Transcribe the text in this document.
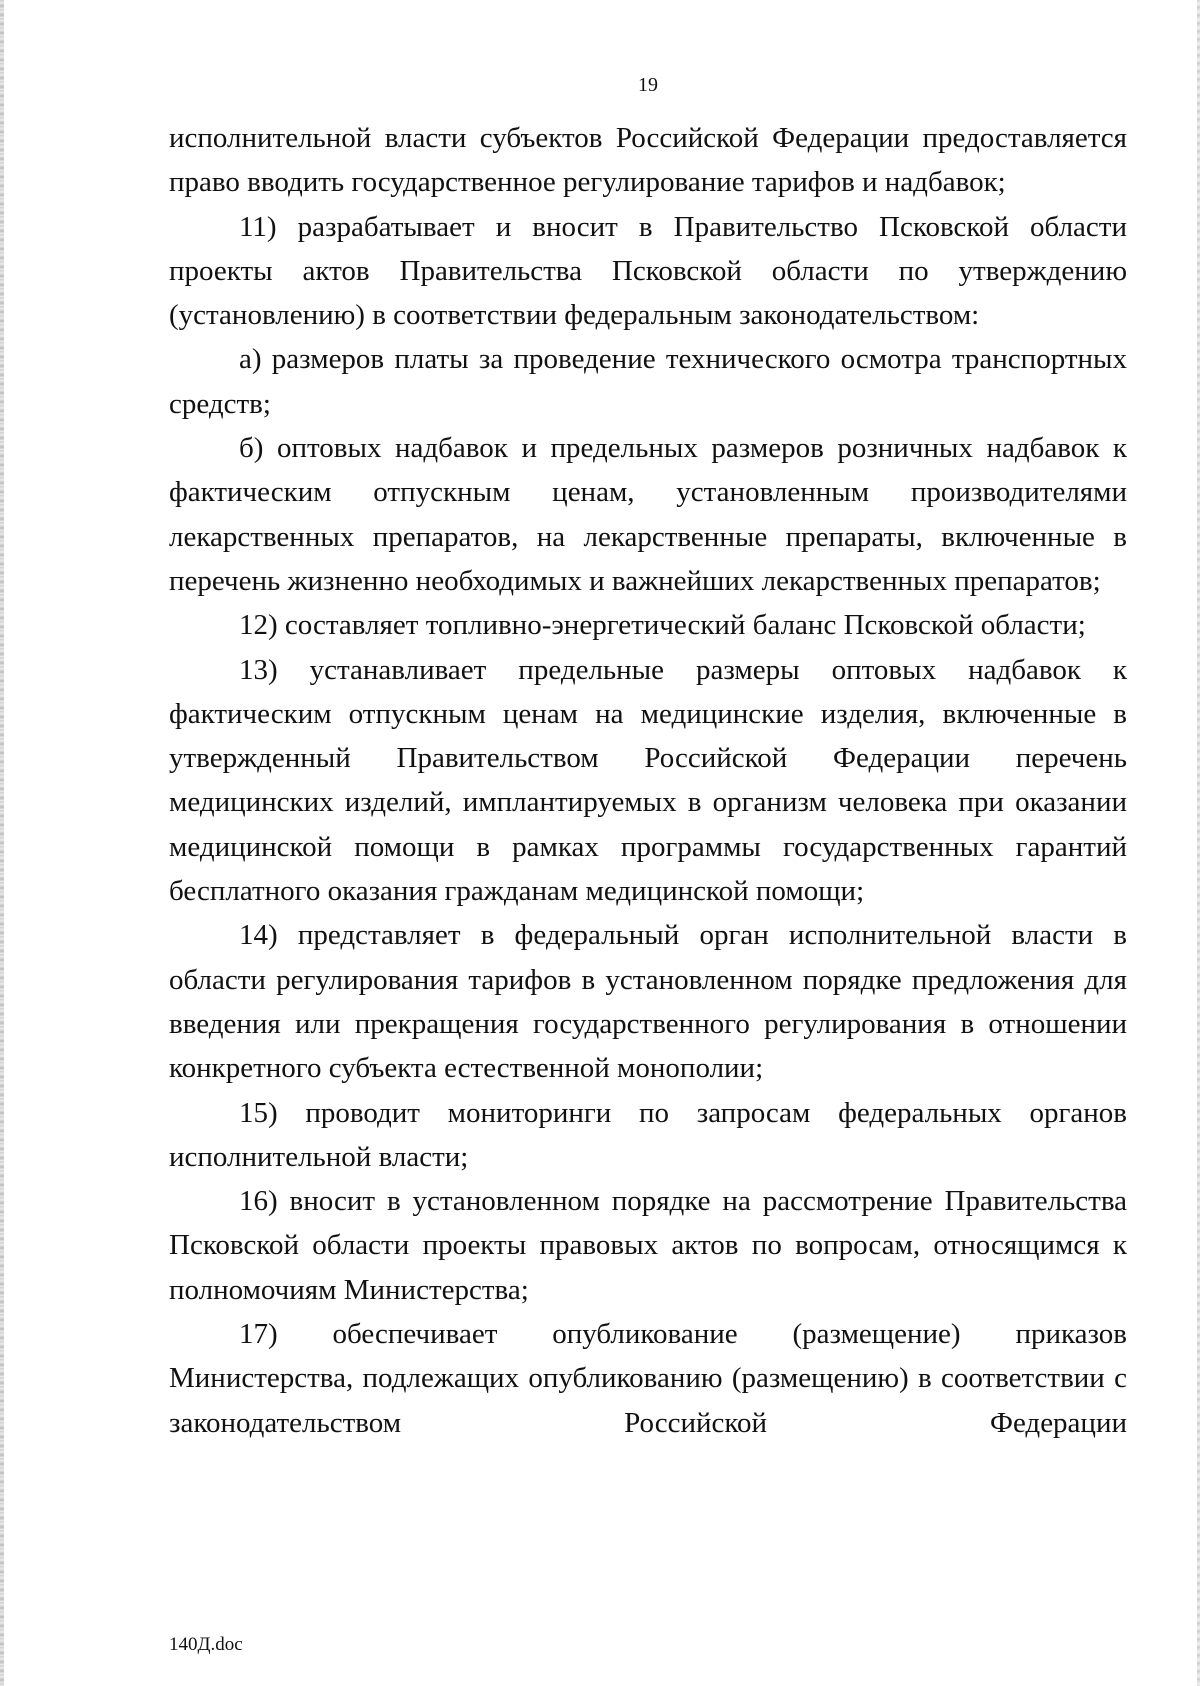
19

исполнительной власти субъектов Российской Федерации предоставляется право вводить государственное регулирование тарифов и надбавок;

11) разрабатывает и вносит в Правительство Псковской области проекты актов Правительства Псковской области по утверждению (установлению) в соответствии федеральным законодательством:

а) размеров платы за проведение технического осмотра транспортных средств;

б) оптовых надбавок и предельных размеров розничных надбавок к фактическим отпускным ценам, установленным производителями лекарственных препаратов, на лекарственные препараты, включенные в перечень жизненно необходимых и важнейших лекарственных препаратов;

12) составляет топливно-энергетический баланс Псковской области;

13) устанавливает предельные размеры оптовых надбавок к фактическим отпускным ценам на медицинские изделия, включенные в утвержденный Правительством Российской Федерации перечень медицинских изделий, имплантируемых в организм человека при оказании медицинской помощи в рамках программы государственных гарантий бесплатного оказания гражданам медицинской помощи;

14) представляет в федеральный орган исполнительной власти в области регулирования тарифов в установленном порядке предложения для введения или прекращения государственного регулирования в отношении конкретного субъекта естественной монополии;

15) проводит мониторинги по запросам федеральных органов исполнительной власти;

16) вносит в установленном порядке на рассмотрение Правительства Псковской области проекты правовых актов по вопросам, относящимся к полномочиям Министерства;

17) обеспечивает опубликование (размещение) приказов Министерства, подлежащих опубликованию (размещению) в соответствии с законодательством Российской Федерации

140Д.doc
